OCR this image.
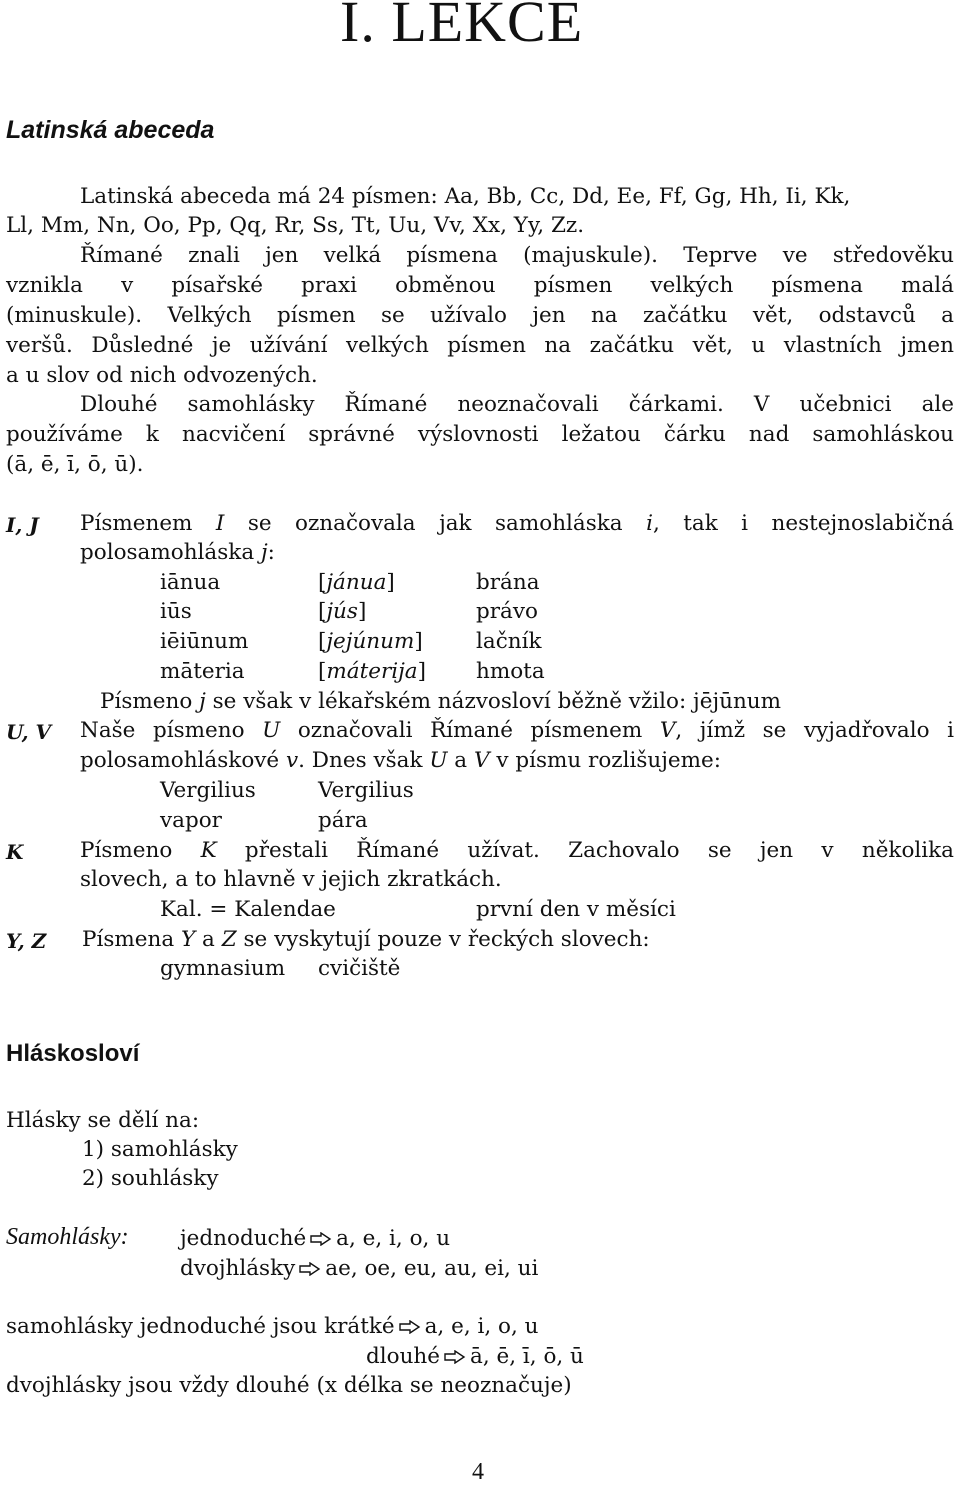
I. LEKCE
Latinská abeceda
Latinská abeceda má 24 písmen: Aa, Bb, Cc, Dd, Ee, Ff, Gg, Hh, Ii, Kk,
Ll, Mm, Nn, Oo, Pp, Qq, Rr, Ss, Tt, Uu, Vv, Xx, Yy, Zz.
Římané znali jen velká písmena (majuskule). Teprve ve středověku
vznikla v písařské praxi obměnou písmen velkých písmena malá
(minuskule). Velkých písmen se užívalo jen na začátku vět, odstavců a
veršů. Důsledné je užívání velkých písmen na začátku vět, u vlastních jmen
a u slov od nich odvozených.
Dlouhé samohlásky Římané neoznačovali čárkami. V učebnici ale
používáme k nacvičení správné výslovnosti ležatou čárku nad samohláskou
(ā, ē, ī, ō, ū).
I, J Písmenem I se označovala jak samohláska i, tak i nestejnoslabičná
polosamohláska j:
iānua	[jánua]	brána
iūs	[jús]	právo
iēiūnum	[jejúnum] lačník
māteria	[máterija] hmota
Písmeno j se však v lékařském názvosloví běžně vžilo: jējūnum
U, V Naše písmeno U označovali Římané písmenem V, jímž se vyjadřovalo i
polosamohláskové v. Dnes však U a V v písmu rozlišujeme:
Vergilius	Vergilius
vapor	pára
K	Písmeno K přestali Římané užívat. Zachovalo se jen v několika
slovech, a to hlavně v jejich zkratkách.
Kal. = Kalendae	první den v měsíci
Y, Z Písmena Y a Z se vyskytují pouze v řeckých slovech:
gymnasium cvičiště
Hláskosloví
Hlásky se dělí na:
1) samohlásky
2) souhlásky
Samohlásky: jednoduché a, e, i, o, u
dvojhlásky ae, oe, eu, au, ei, ui
samohlásky jednoduché jsou krátké a, e, i, o, u
dlouhé ā, ē, ī, ō, ū
dvojhlásky jsou vždy dlouhé (x délka se neoznačuje)
4
